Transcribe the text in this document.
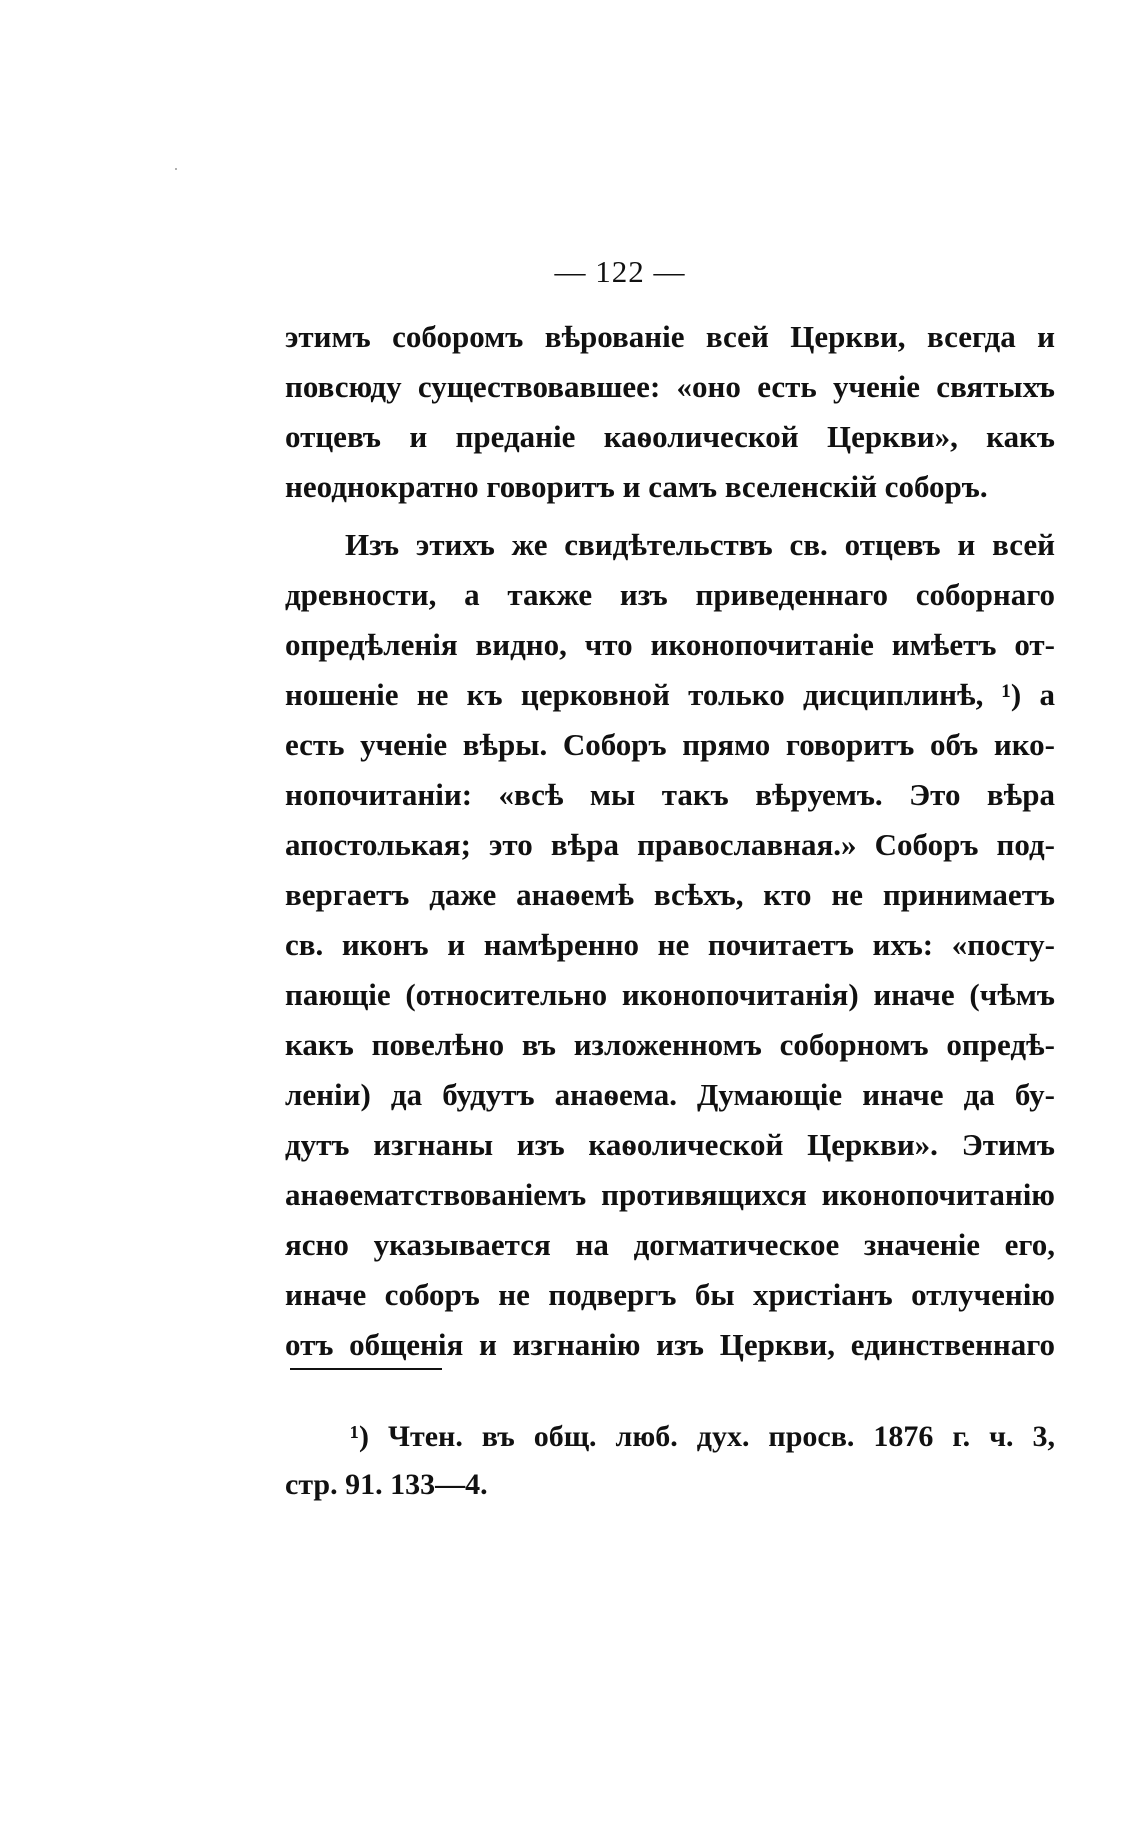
— 122 —
этимъ соборомъ вѣрованіе всей Церкви, всегда и
повсюду существовавшее: «оно есть ученіе святыхъ
отцевъ и преданіе каѳолической Церкви», какъ
неоднократно говоритъ и самъ вселенскій соборъ.
Изъ этихъ же свидѣтельствъ св. отцевъ и всей
древности, а также изъ приведеннаго соборнаго
опредѣленія видно, что иконопочитаніе имѣетъ от-
ношеніе не къ церковной только дисциплинѣ, ¹) а
есть ученіе вѣры. Соборъ прямо говоритъ объ ико-
нопочитаніи: «всѣ мы такъ вѣруемъ. Это вѣра
апостолькая; это вѣра православная.» Соборъ под-
вергаетъ даже анаѳемѣ всѣхъ, кто не принимаетъ
св. иконъ и намѣренно не почитаетъ ихъ: «посту-
пающіе (относительно иконопочитанія) иначе (чѣмъ
какъ повелѣно въ изложенномъ соборномъ опредѣ-
леніи) да будутъ анаѳема. Думающіе иначе да бу-
дутъ изгнаны изъ каѳолической Церкви». Этимъ
анаѳематствованіемъ противящихся иконопочитанію
ясно указывается на догматическое значеніе его,
иначе соборъ не подвергъ бы христіанъ отлученію
отъ общенія и изгнанію изъ Церкви, единственнаго
¹) Чтен. въ общ. люб. дух. просв. 1876 г. ч. 3,
стр. 91. 133—4.
